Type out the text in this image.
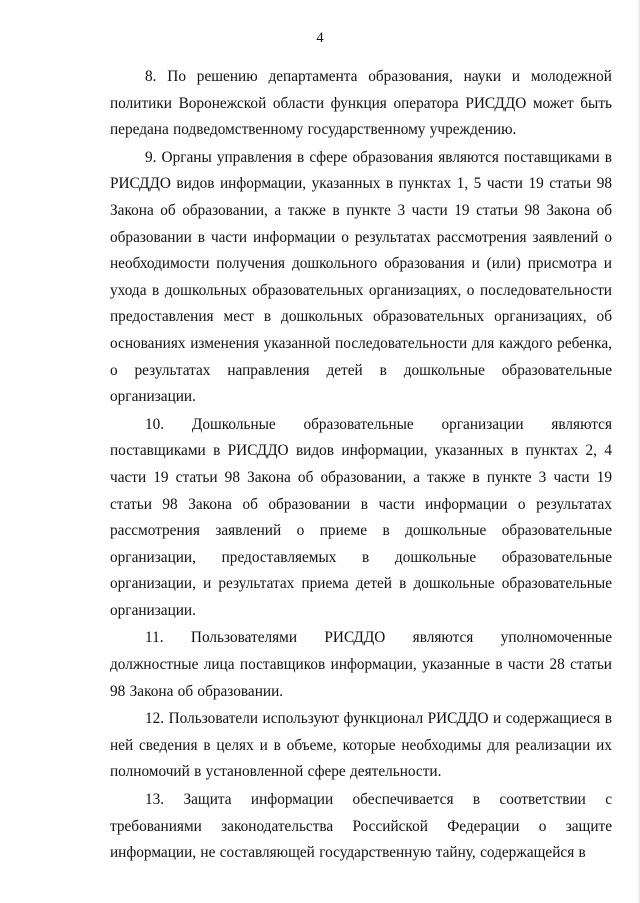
4

8. По решению департамента образования, науки и молодежной политики Воронежской области функция оператора РИСДДО может быть передана подведомственному государственному учреждению.

9. Органы управления в сфере образования являются поставщиками в РИСДДО видов информации, указанных в пунктах 1, 5 части 19 статьи 98 Закона об образовании, а также в пункте 3 части 19 статьи 98 Закона об образовании в части информации о результатах рассмотрения заявлений о необходимости получения дошкольного образования и (или) присмотра и ухода в дошкольных образовательных организациях, о последовательности предоставления мест в дошкольных образовательных организациях, об основаниях изменения указанной последовательности для каждого ребенка, о результатах направления детей в дошкольные образовательные организации.

10. Дошкольные образовательные организации являются поставщиками в РИСДДО видов информации, указанных в пунктах 2, 4 части 19 статьи 98 Закона об образовании, а также в пункте 3 части 19 статьи 98 Закона об образовании в части информации о результатах рассмотрения заявлений о приеме в дошкольные образовательные организации, предоставляемых в дошкольные образовательные организации, и результатах приема детей в дошкольные образовательные организации.

11. Пользователями РИСДДО являются уполномоченные должностные лица поставщиков информации, указанные в части 28 статьи 98 Закона об образовании.

12. Пользователи используют функционал РИСДДО и содержащиеся в ней сведения в целях и в объеме, которые необходимы для реализации их полномочий в установленной сфере деятельности.

13. Защита информации обеспечивается в соответствии с требованиями законодательства Российской Федерации о защите информации, не составляющей государственную тайну, содержащейся в
